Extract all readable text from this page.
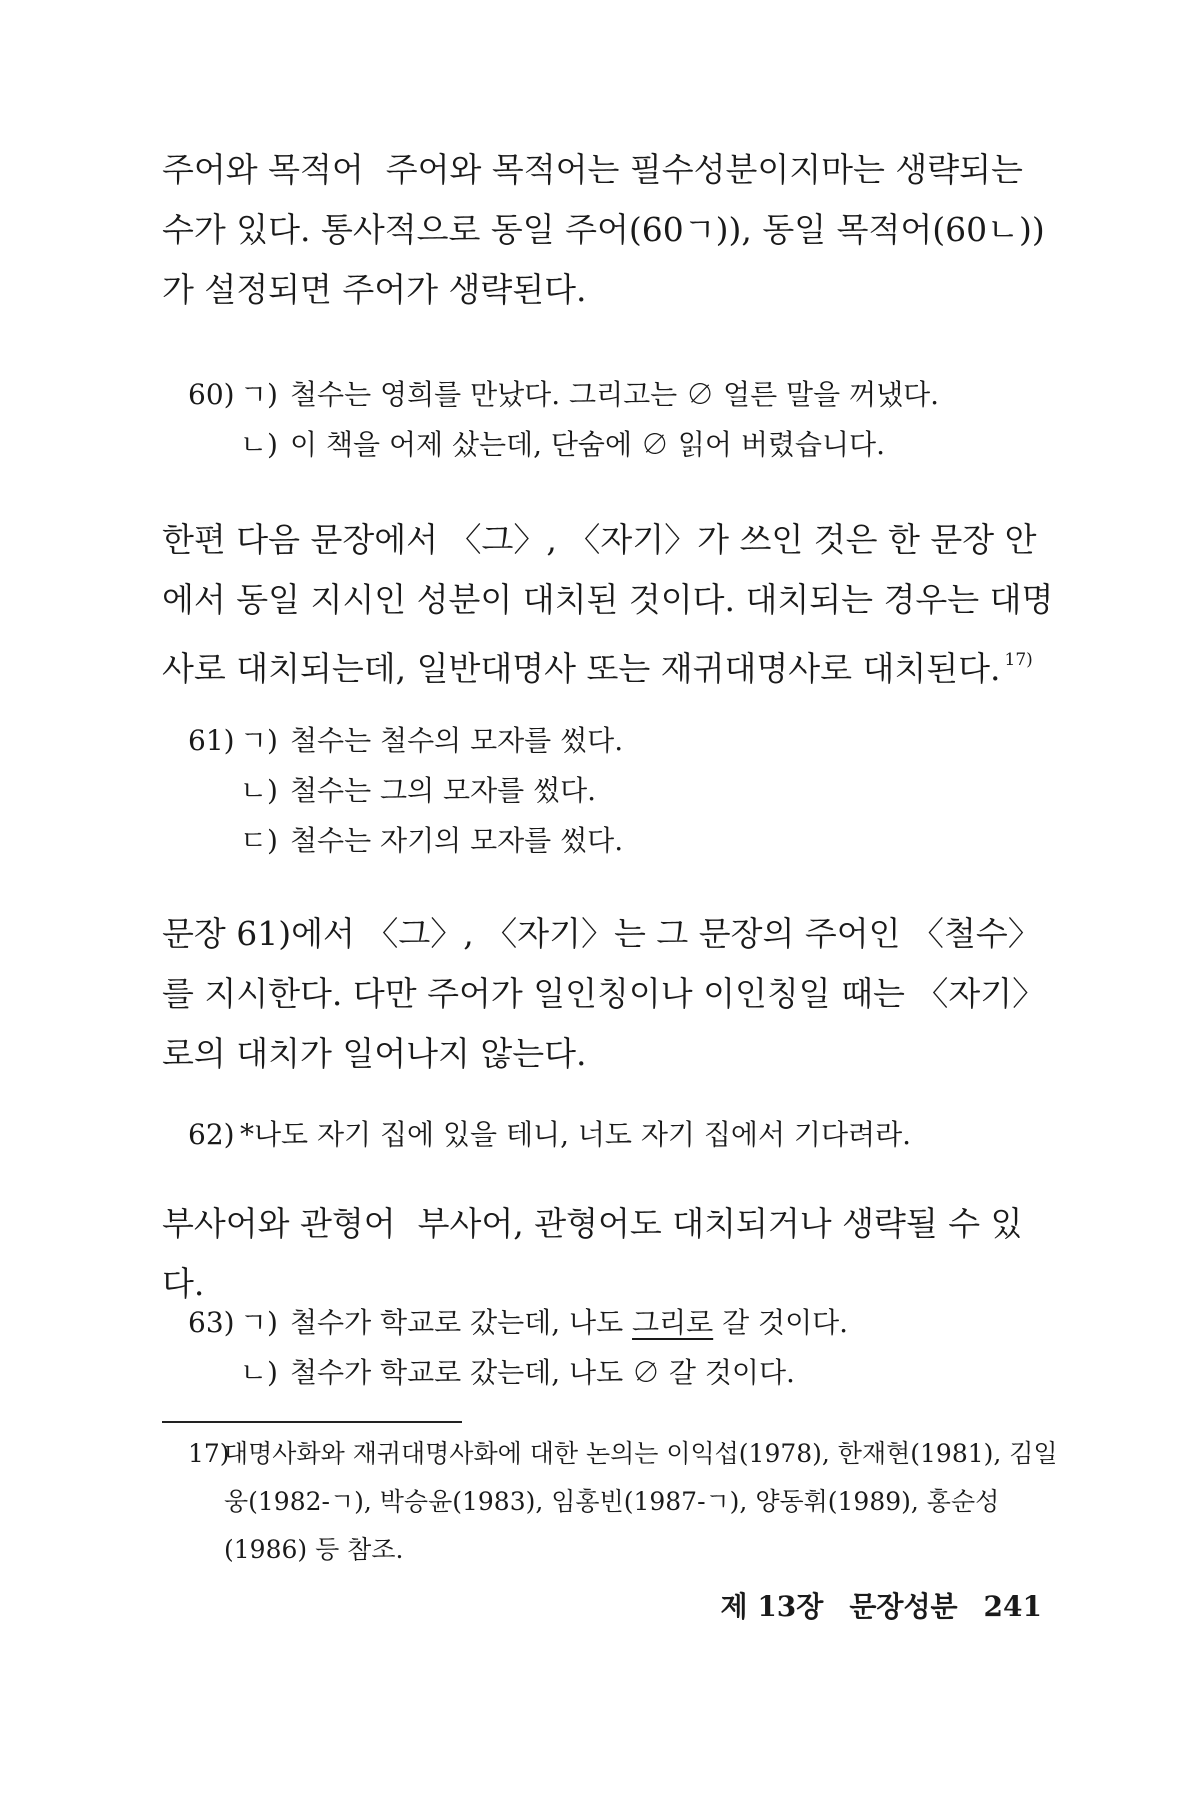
주어와 목적어 주어와 목적어는 필수성분이지마는 생략되는 수가 있다. 통사적으로 동일 주어(60ㄱ)), 동일 목적어(60ㄴ))가 설정되면 주어가 생략된다.

60) ㄱ) 철수는 영희를 만났다. 그리고는 ∅ 얼른 말을 꺼냈다.
ㄴ) 이 책을 어제 샀는데, 단숨에 ∅ 읽어 버렸습니다.

한편 다음 문장에서 〈그〉, 〈자기〉가 쓰인 것은 한 문장 안에서 동일 지시인 성분이 대치된 것이다. 대치되는 경우는 대명사로 대치되는데, 일반대명사 또는 재귀대명사로 대치된다. $^{17)}$

61) ㄱ) 철수는 철수의 모자를 썼다.
ㄴ) 철수는 그의 모자를 썼다.
ㄷ) 철수는 자기의 모자를 썼다.

문장 61)에서 〈그〉, 〈자기〉는 그 문장의 주어인 〈철수〉를 지시한다. 다만 주어가 일인칭이나 이인칭일 때는 〈자기〉로의 대치가 일어나지 않는다.

62) *나도 자기 집에 있을 테니, 너도 자기 집에서 기다려라.

부사어와 관형어 부사어, 관형어도 대치되거나 생략될 수 있다.

63) ㄱ) 철수가 학교로 갔는데, 나도 그리로 갈 것이다.
ㄴ) 철수가 학교로 갔는데, 나도 ∅ 갈 것이다.
17)
대명사화와 재귀대명사화에 대한 논의는 이익섭(1978), 한재현(1981), 김일웅(1982-ㄱ), 박승윤(1983), 임홍빈(1987-ㄱ), 양동휘(1989), 홍순성(1986) 등 참조.
제 13장 문장성분 241
